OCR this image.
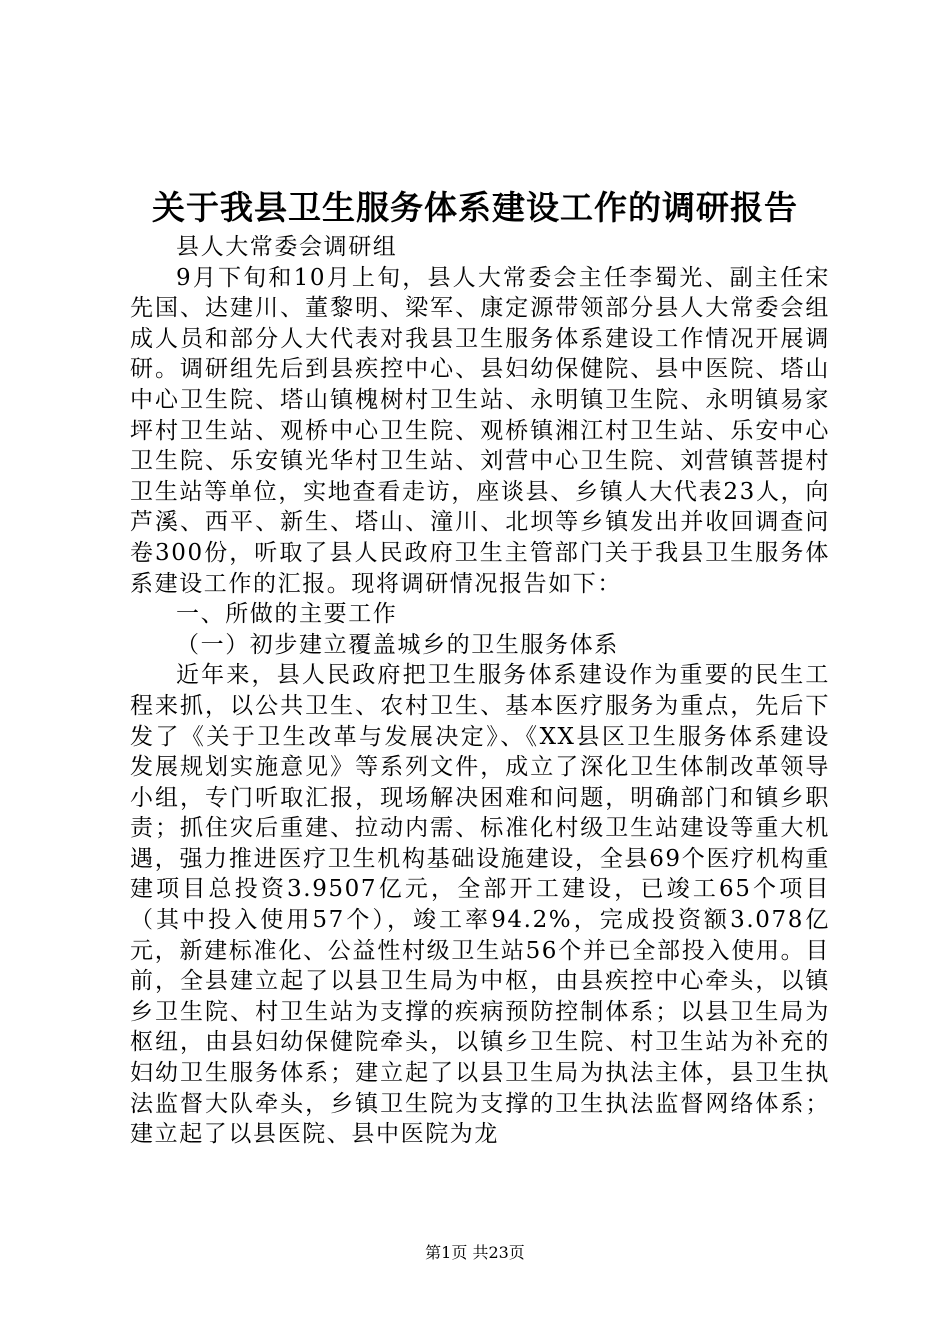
关于我县卫生服务体系建设工作的调研报告

县人大常委会调研组

9月下旬和10月上旬，县人大常委会主任李蜀光、副主任宋先国、达建川、董黎明、梁军、康定源带领部分县人大常委会组成人员和部分人大代表对我县卫生服务体系建设工作情况开展调研。调研组先后到县疾控中心、县妇幼保健院、县中医院、塔山中心卫生院、塔山镇槐树村卫生站、永明镇卫生院、永明镇易家坪村卫生站、观桥中心卫生院、观桥镇湘江村卫生站、乐安中心卫生院、乐安镇光华村卫生站、刘营中心卫生院、刘营镇菩提村卫生站等单位，实地查看走访，座谈县、乡镇人大代表23人，向芦溪、西平、新生、塔山、潼川、北坝等乡镇发出并收回调查问卷300份，听取了县人民政府卫生主管部门关于我县卫生服务体系建设工作的汇报。现将调研情况报告如下：

一、所做的主要工作

（一）初步建立覆盖城乡的卫生服务体系

近年来，县人民政府把卫生服务体系建设作为重要的民生工程来抓，以公共卫生、农村卫生、基本医疗服务为重点，先后下发了《关于卫生改革与发展决定》、《XX县区卫生服务体系建设发展规划实施意见》等系列文件，成立了深化卫生体制改革领导小组，专门听取汇报，现场解决困难和问题，明确部门和镇乡职责；抓住灾后重建、拉动内需、标准化村级卫生站建设等重大机遇，强力推进医疗卫生机构基础设施建设，全县69个医疗机构重建项目总投资3.9507亿元，全部开工建设，已竣工65个项目（其中投入使用57个），竣工率94.2%，完成投资额3.078亿元，新建标准化、公益性村级卫生站56个并已全部投入使用。目前，全县建立起了以县卫生局为中枢，由县疾控中心牵头，以镇乡卫生院、村卫生站为支撑的疾病预防控制体系；以县卫生局为枢纽，由县妇幼保健院牵头，以镇乡卫生院、村卫生站为补充的妇幼卫生服务体系；建立起了以县卫生局为执法主体，县卫生执法监督大队牵头，乡镇卫生院为支撑的卫生执法监督网络体系；建立起了以县医院、县中医院为龙

第1页 共23页
